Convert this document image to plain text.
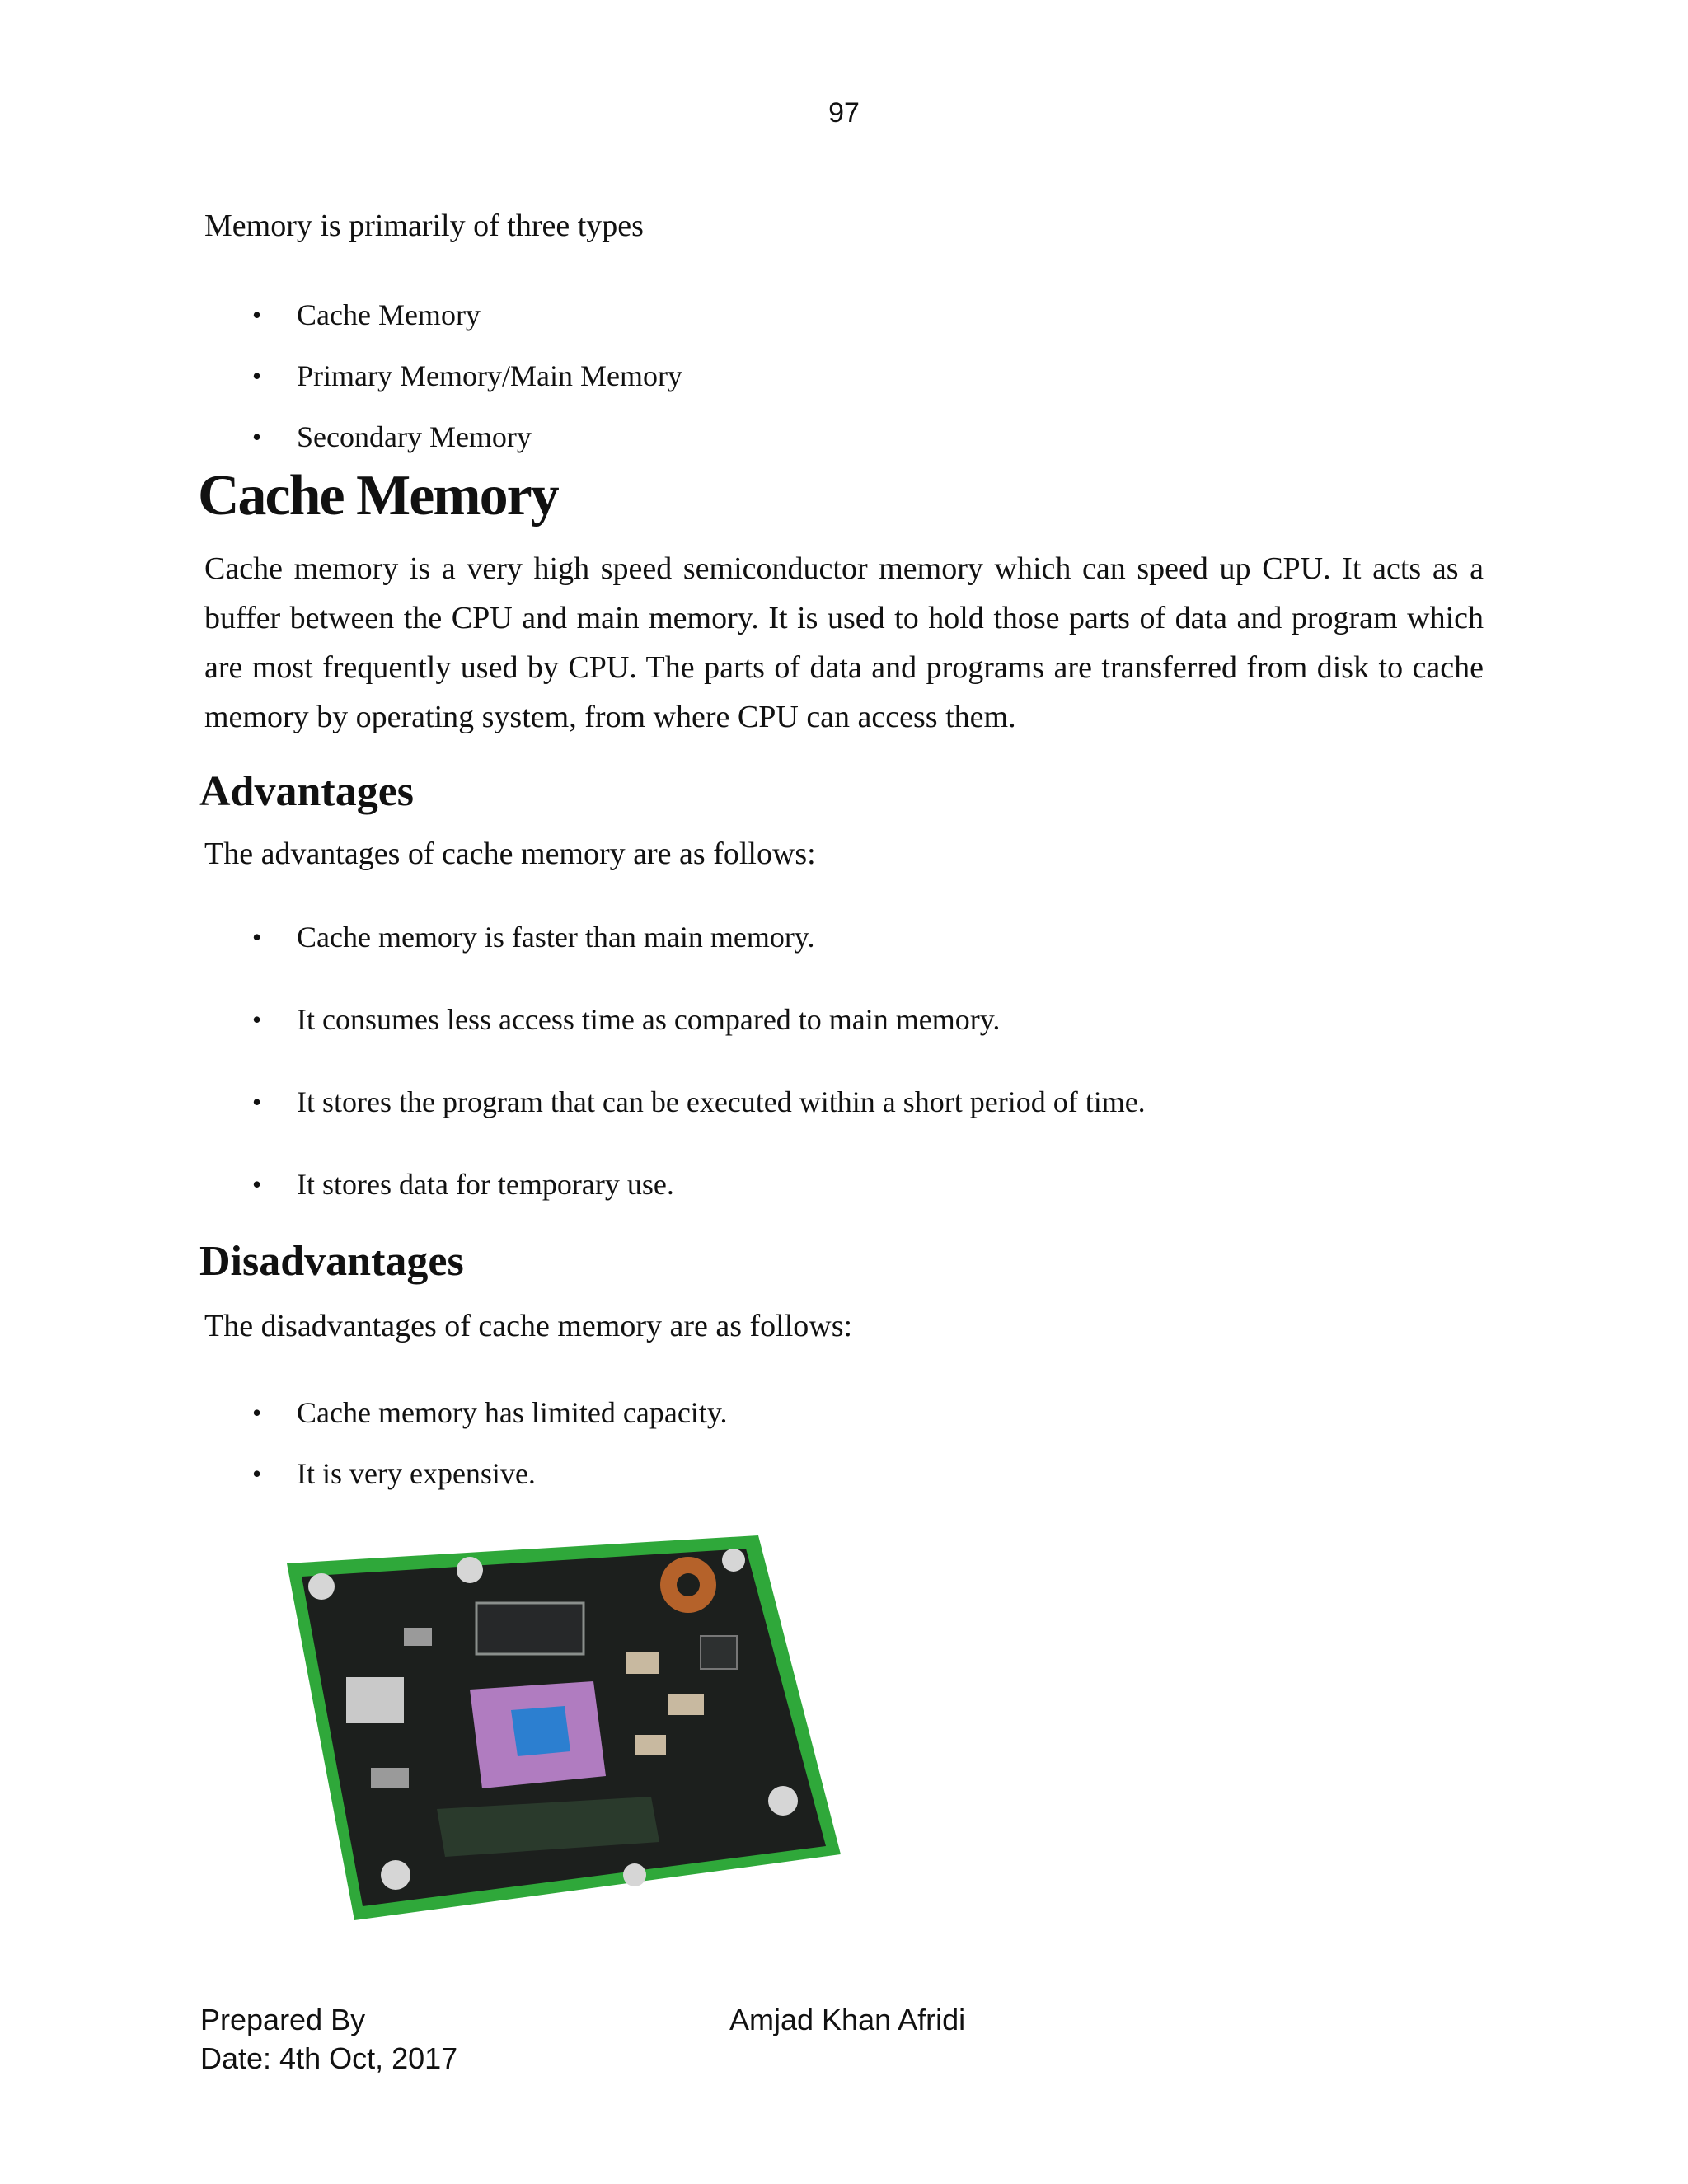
97

Memory is primarily of three types

• Cache Memory
• Primary Memory/Main Memory
• Secondary Memory
Cache Memory

Cache memory is a very high speed semiconductor memory which can speed up CPU. It acts as a buffer between the CPU and main memory. It is used to hold those parts of data and program which are most frequently used by CPU. The parts of data and programs are transferred from disk to cache memory by operating system, from where CPU can access them.

Advantages

The advantages of cache memory are as follows:

• Cache memory is faster than main memory.
• It consumes less access time as compared to main memory.
• It stores the program that can be executed within a short period of time.
• It stores data for temporary use.
Disadvantages

The disadvantages of cache memory are as follows:

• Cache memory has limited capacity.
• It is very expensive.
Prepared By	Amjad Khan Afridi
Date: 4th Oct, 2017
